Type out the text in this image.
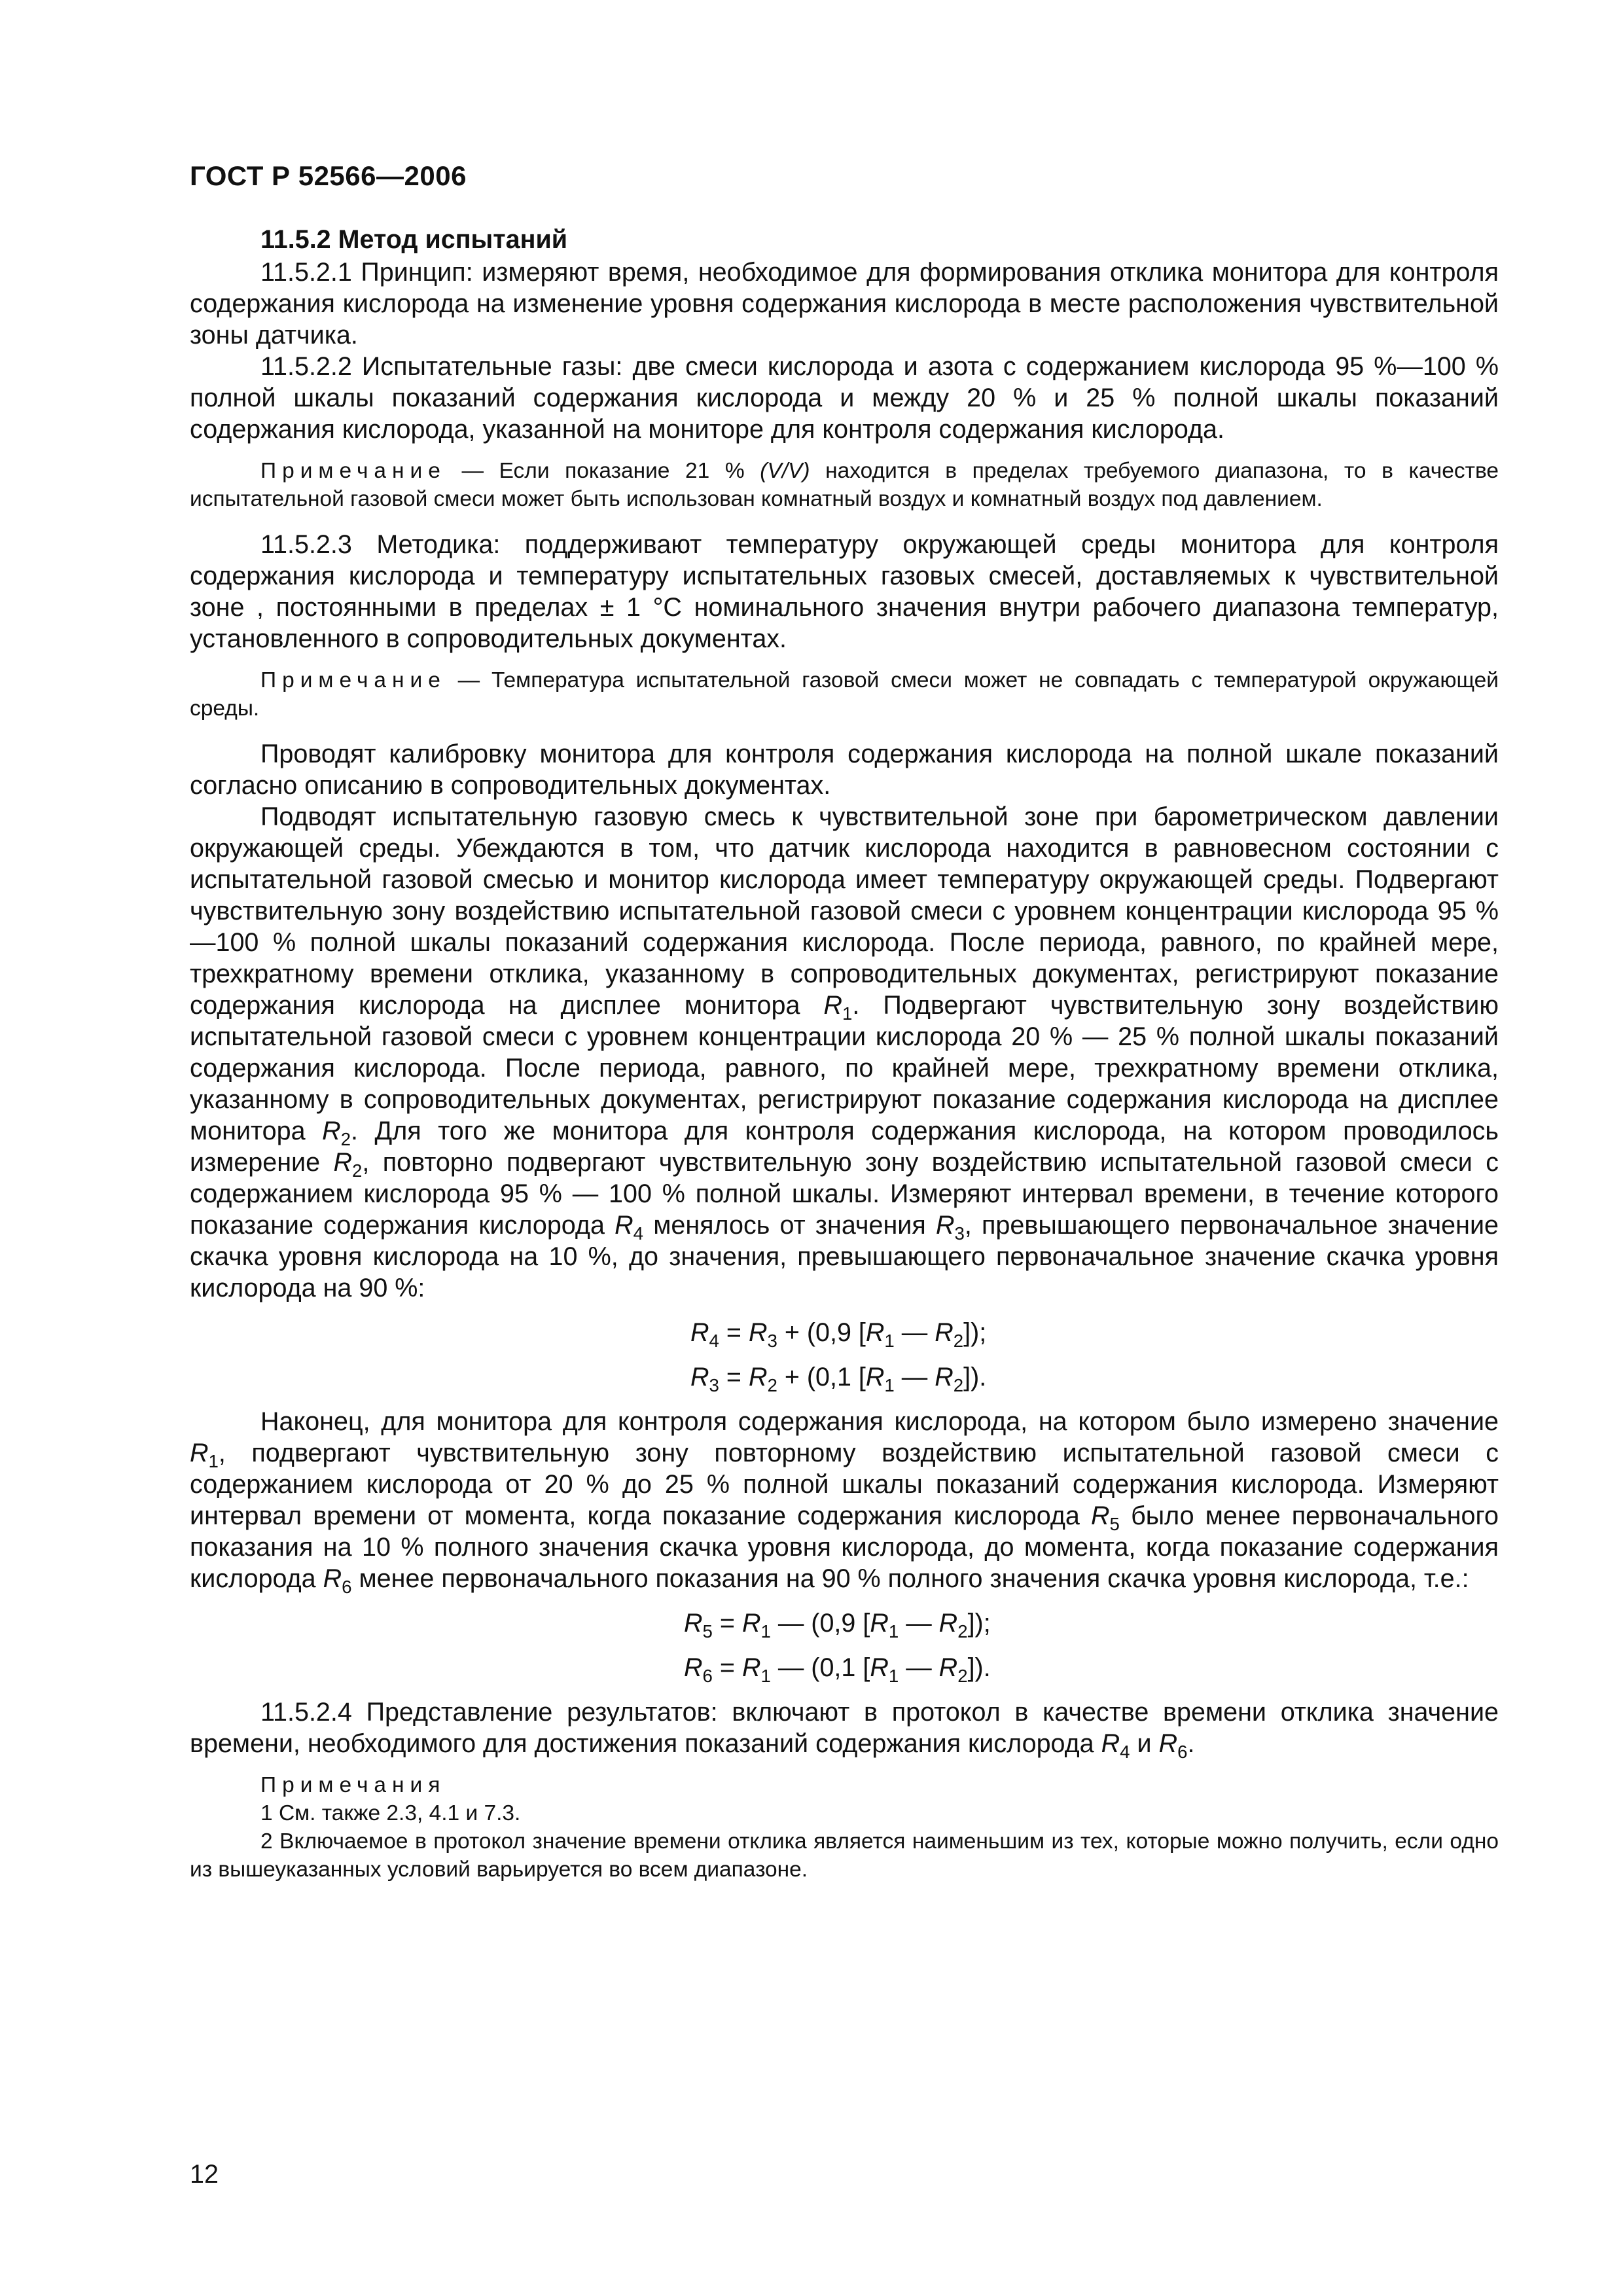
ГОСТ Р 52566—2006

11.5.2 Метод испытаний

11.5.2.1 Принцип: измеряют время, необходимое для формирования отклика монитора для контроля содержания кислорода на изменение уровня содержания кислорода в месте расположения чувствительной зоны датчика.

11.5.2.2 Испытательные газы: две смеси кислорода и азота с содержанием кислорода 95 %—100 % полной шкалы показаний содержания кислорода и между 20 % и 25 % полной шкалы показаний содержания кислорода, указанной на мониторе для контроля содержания кислорода.

Примечание — Если показание 21 % (V/V) находится в пределах требуемого диапазона, то в качестве испытательной газовой смеси может быть использован комнатный воздух и комнатный воздух под давлением.

11.5.2.3 Методика: поддерживают температуру окружающей среды монитора для контроля содержания кислорода и температуру испытательных газовых смесей, доставляемых к чувствительной зоне , постоянными в пределах ± 1 °С номинального значения внутри рабочего диапазона температур, установленного в сопроводительных документах.

Примечание — Температура испытательной газовой смеси может не совпадать с температурой окружающей среды.

Проводят калибровку монитора для контроля содержания кислорода на полной шкале показаний согласно описанию в сопроводительных документах.

Подводят испытательную газовую смесь к чувствительной зоне при барометрическом давлении окружающей среды. Убеждаются в том, что датчик кислорода находится в равновесном состоянии с испытательной газовой смесью и монитор кислорода имеет температуру окружающей среды. Подвергают чувствительную зону воздействию испытательной газовой смеси с уровнем концентрации кислорода 95 %—100 % полной шкалы показаний содержания кислорода. После периода, равного, по крайней мере, трехкратному времени отклика, указанному в сопроводительных документах, регистрируют показание содержания кислорода на дисплее монитора $R_1$. Подвергают чувствительную зону воздействию испытательной газовой смеси с уровнем концентрации кислорода 20 % — 25 % полной шкалы показаний содержания кислорода. После периода, равного, по крайней мере, трехкратному времени отклика, указанному в сопроводительных документах, регистрируют показание содержания кислорода на дисплее монитора $R_2$. Для того же монитора для контроля содержания кислорода, на котором проводилось измерение $R_2$, повторно подвергают чувствительную зону воздействию испытательной газовой смеси с содержанием кислорода 95 % — 100 % полной шкалы. Измеряют интервал времени, в течение которого показание содержания кислорода $R_4$ менялось от значения $R_3$, превышающего первоначальное значение скачка уровня кислорода на 10 %, до значения, превышающего первоначальное значение скачка уровня кислорода на 90 %:

$R_4 = R_3 + (0,9$ [$R_1$ — $R_2$]);
$R_3 = R_2 + (0,1$ [$R_1$ — $R_2$]).

Наконец, для монитора для контроля содержания кислорода, на котором было измерено значение $R_1$, подвергают чувствительную зону повторному воздействию испытательной газовой смеси с содержанием кислорода от 20 % до 25 % полной шкалы показаний содержания кислорода. Измеряют интервал времени от момента, когда показание содержания кислорода $R_5$ было менее первоначального показания на 10 % полного значения скачка уровня кислорода, до момента, когда показание содержания кислорода $R_6$ менее первоначального показания на 90 % полного значения скачка уровня кислорода, т.е.:

$R_5 = R_1$ — (0,9 [$R_1$ — $R_2$]);
$R_6 = R_1$ — (0,1 [$R_1$ — $R_2$]).

11.5.2.4 Представление результатов: включают в протокол в качестве времени отклика значение времени, необходимого для достижения показаний содержания кислорода $R_4$ и $R_6$.

Примечания

1 См. также 2.3, 4.1 и 7.3.

2 Включаемое в протокол значение времени отклика является наименьшим из тех, которые можно получить, если одно из вышеуказанных условий варьируется во всем диапазоне.

12
